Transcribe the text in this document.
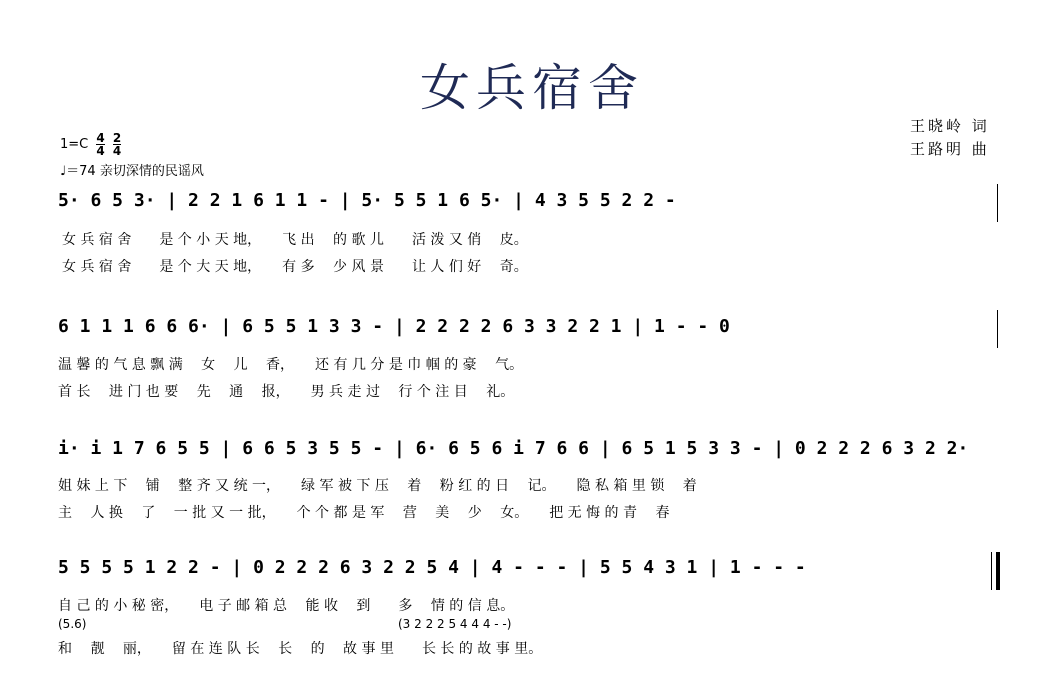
女兵宿舍
王晓岭 词
王路明 曲
$1=C \frac{4}{4}$
$\frac{2}{4}$
♩＝74 亲切深情的民谣风
5· 6 5 3· | 2 2 1 6 1 1 - | 5· 5 5 1 6 5· | 4 3 5 5 2 2 -
女 兵 宿 舍　　是 个 小 天 地，　　飞 出　 的 歌 儿　　活 泼 又 俏　 皮。
女 兵 宿 舍　　是 个 大 天 地，　　有 多　 少 风 景　　让 人 们 好　 奇。
6 1 1 1 6 6 6· | 6 5 5 1 3 3 - | 2 2 2 2 6 3 3 2 2 1 | 1 - - 0
温 馨 的 气 息 飘 满　 女　 儿　 香，　　还 有 几 分 是 巾 帼 的 豪　 气。
首 长　 进 门 也 要　 先　 通　 报，　　男 兵 走 过　 行 个 注 目　 礼。
i· i 1 7 6 5 5 | 6 6 5 3 5 5 - | 6· 6 5 6 i 7 6 6 | 6 5 1 5 3 3 - | 0 2 2 2 6 3 2 2·
姐 妹 上 下　 铺　 整 齐 又 统 一，　　绿 军 被 下 压　 着　 粉 红 的 日　 记。　　隐 私 箱 里 锁　 着
主　 人 换　 了　 一 批 又 一 批，　　个 个 都 是 军　 营　 美　 少　 女。　　把 无 悔 的 青　 春
5 5 5 5 1 2 2 - | 0 2 2 2 6 3 2 2 5 4 | 4 - - - | 5 5 4 3 1 | 1 - - -
自 己 的 小 秘 密，　　电 子 邮 箱 总　 能 收　 到　　多　 情 的 信 息。
(5.6)	(3 2 2 2 5 4 4 4 - -)
和　 靓　 丽，　　留 在 连 队 长　 长　 的　 故 事 里　　长 长 的 故 事 里。
